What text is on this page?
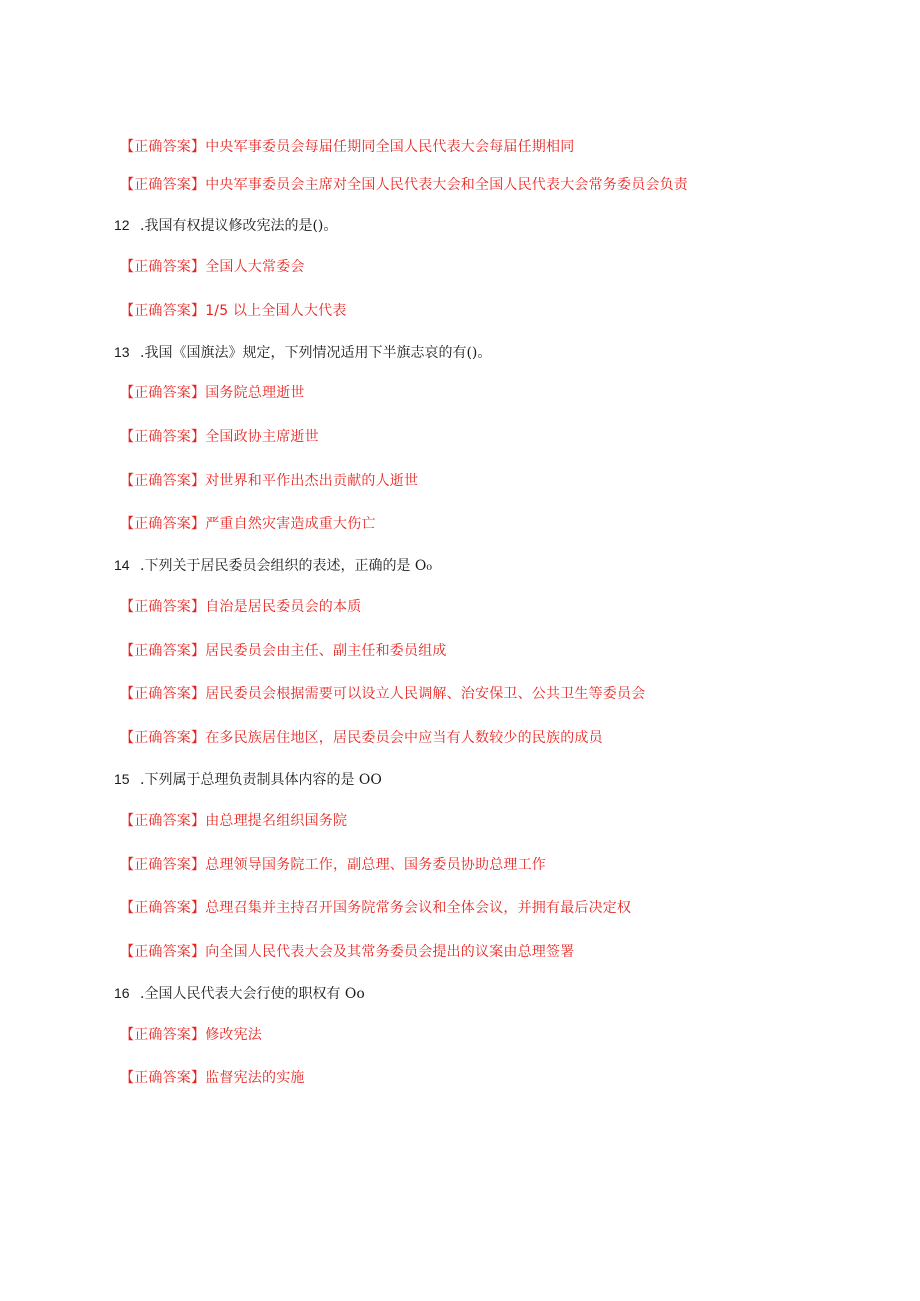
【正确答案】中央军事委员会每届任期同全国人民代表大会每届任期相同
【正确答案】中央军事委员会主席对全国人民代表大会和全国人民代表大会常务委员会负责
12 .我国有权提议修改宪法的是()。
【正确答案】全国人大常委会
【正确答案】1/5 以上全国人大代表
13 .我国《国旗法》规定，下列情况适用下半旗志哀的有()。
【正确答案】国务院总理逝世
【正确答案】全国政协主席逝世
【正确答案】对世界和平作出杰出贡献的人逝世
【正确答案】严重自然灾害造成重大伤亡
14 .下列关于居民委员会组织的表述，正确的是 O₀
【正确答案】自治是居民委员会的本质
【正确答案】居民委员会由主任、副主任和委员组成
【正确答案】居民委员会根据需要可以设立人民调解、治安保卫、公共卫生等委员会
【正确答案】在多民族居住地区，居民委员会中应当有人数较少的民族的成员
15 .下列属于总理负责制具体内容的是 OO
【正确答案】由总理提名组织国务院
【正确答案】总理领导国务院工作，副总理、国务委员协助总理工作
【正确答案】总理召集并主持召开国务院常务会议和全体会议，并拥有最后决定权
【正确答案】向全国人民代表大会及其常务委员会提出的议案由总理签署
16 .全国人民代表大会行使的职权有 Oo
【正确答案】修改宪法
【正确答案】监督宪法的实施
